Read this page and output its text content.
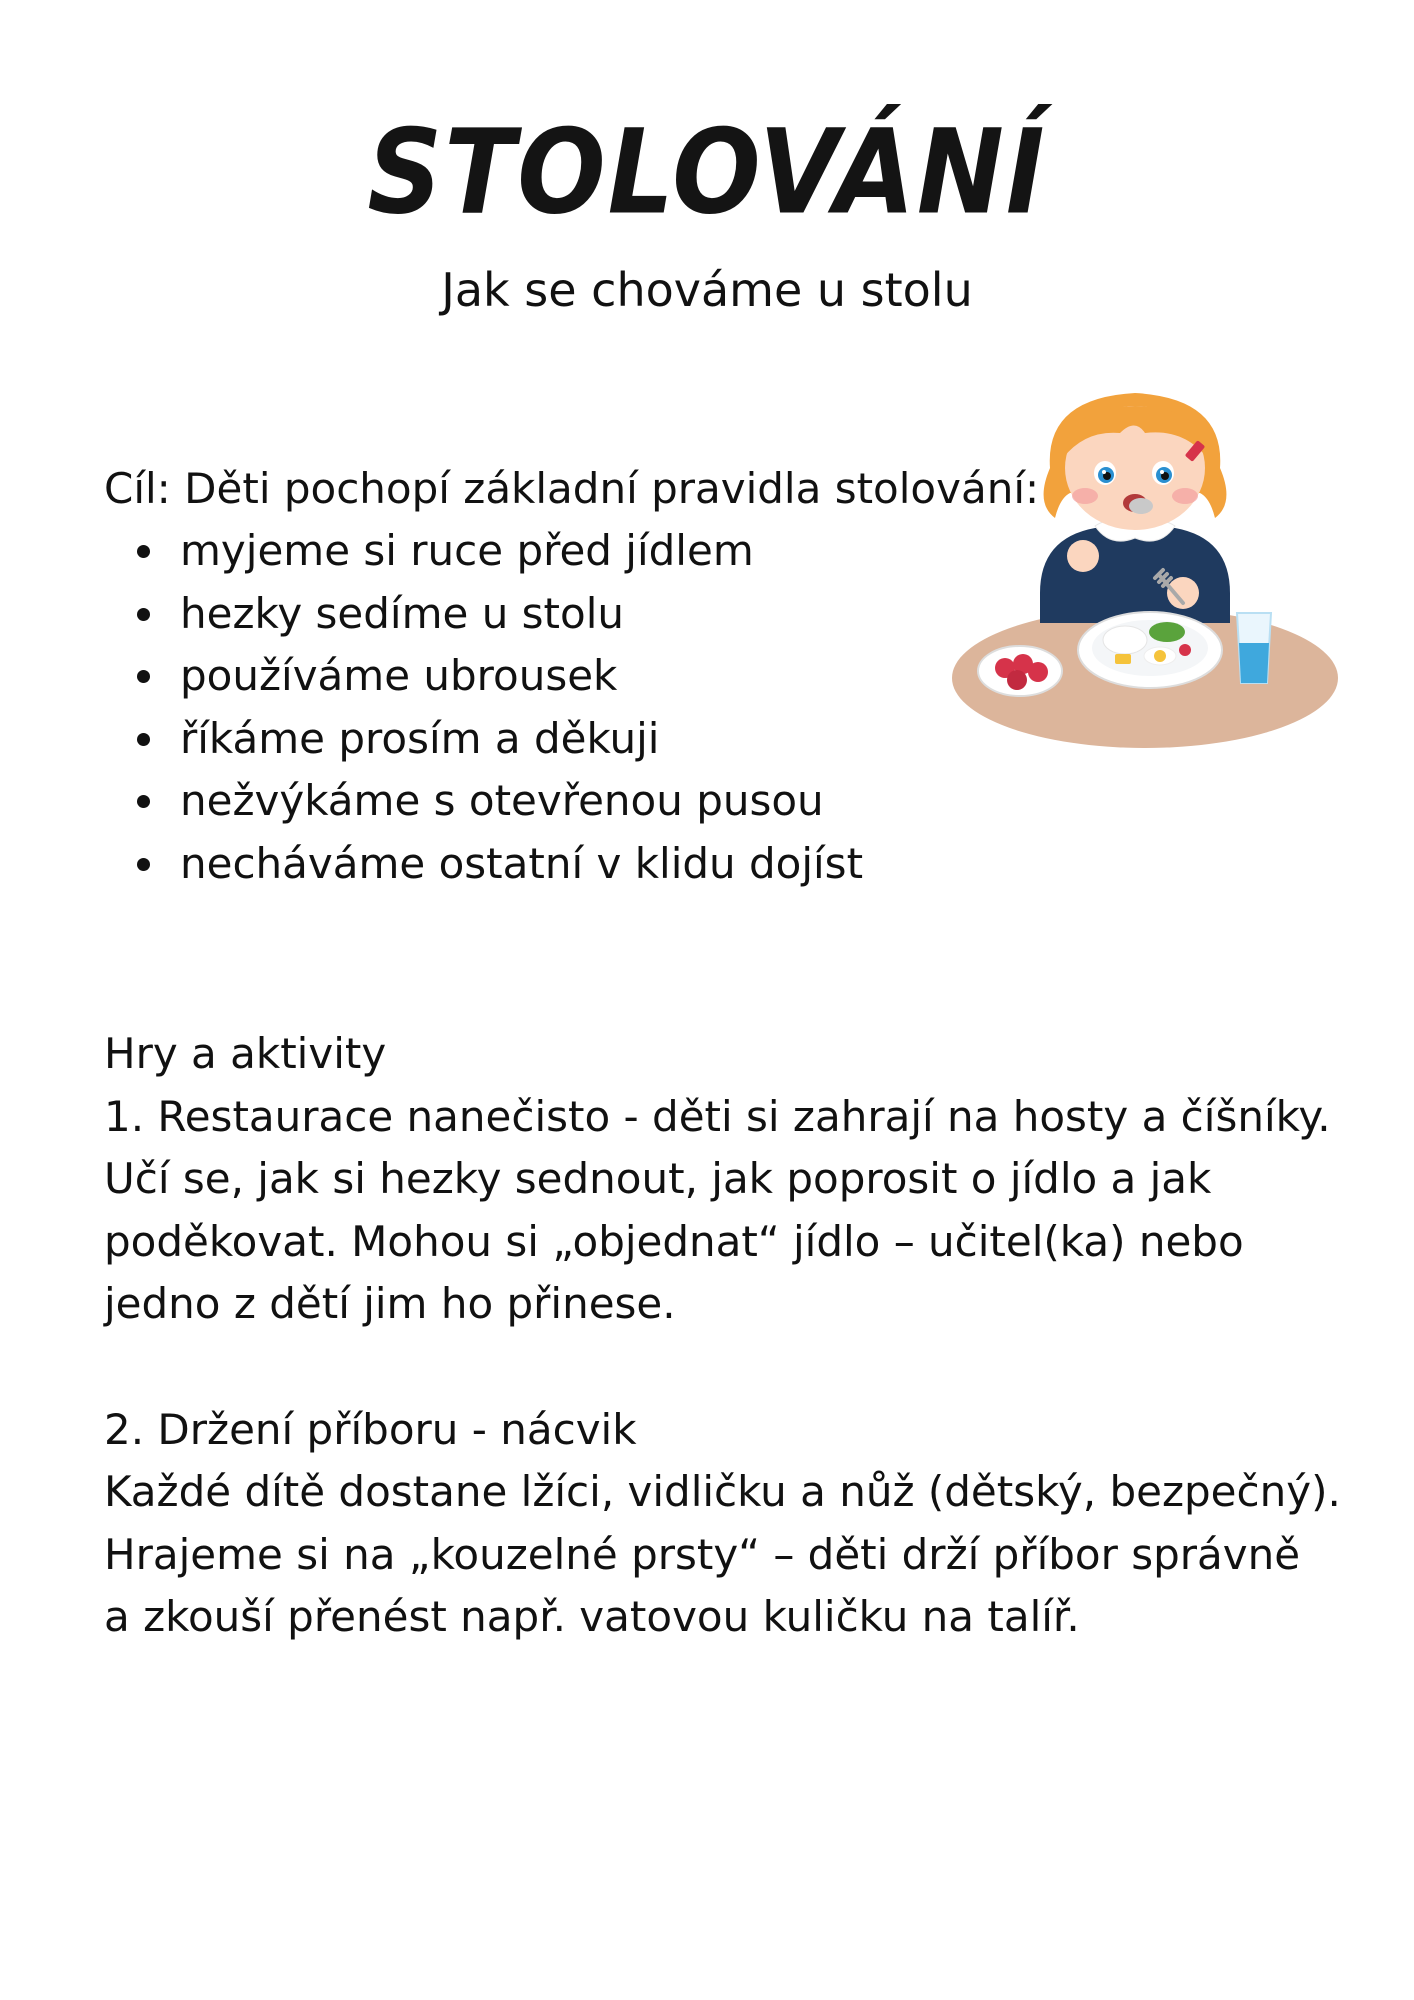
STOLOVÁNÍ
Jak se chováme u stolu
Cíl: Děti pochopí základní pravidla stolování:
myjeme si ruce před jídlem
hezky sedíme u stolu
používáme ubrousek
říkáme prosím a děkuji
nežvýkáme s otevřenou pusou
necháváme ostatní v klidu dojíst

Hry a aktivity

1. Restaurace nanečisto - děti si zahrají na hosty a číšníky.

Učí se, jak si hezky sednout, jak poprosit o jídlo a jak

poděkovat. Mohou si „objednat“ jídlo – učitel(ka) nebo

jedno z dětí jim ho přinese.

2. Držení příboru - nácvik

Každé dítě dostane lžíci, vidličku a nůž (dětský, bezpečný).

Hrajeme si na „kouzelné prsty“ – děti drží příbor správně

a zkouší přenést např. vatovou kuličku na talíř.
